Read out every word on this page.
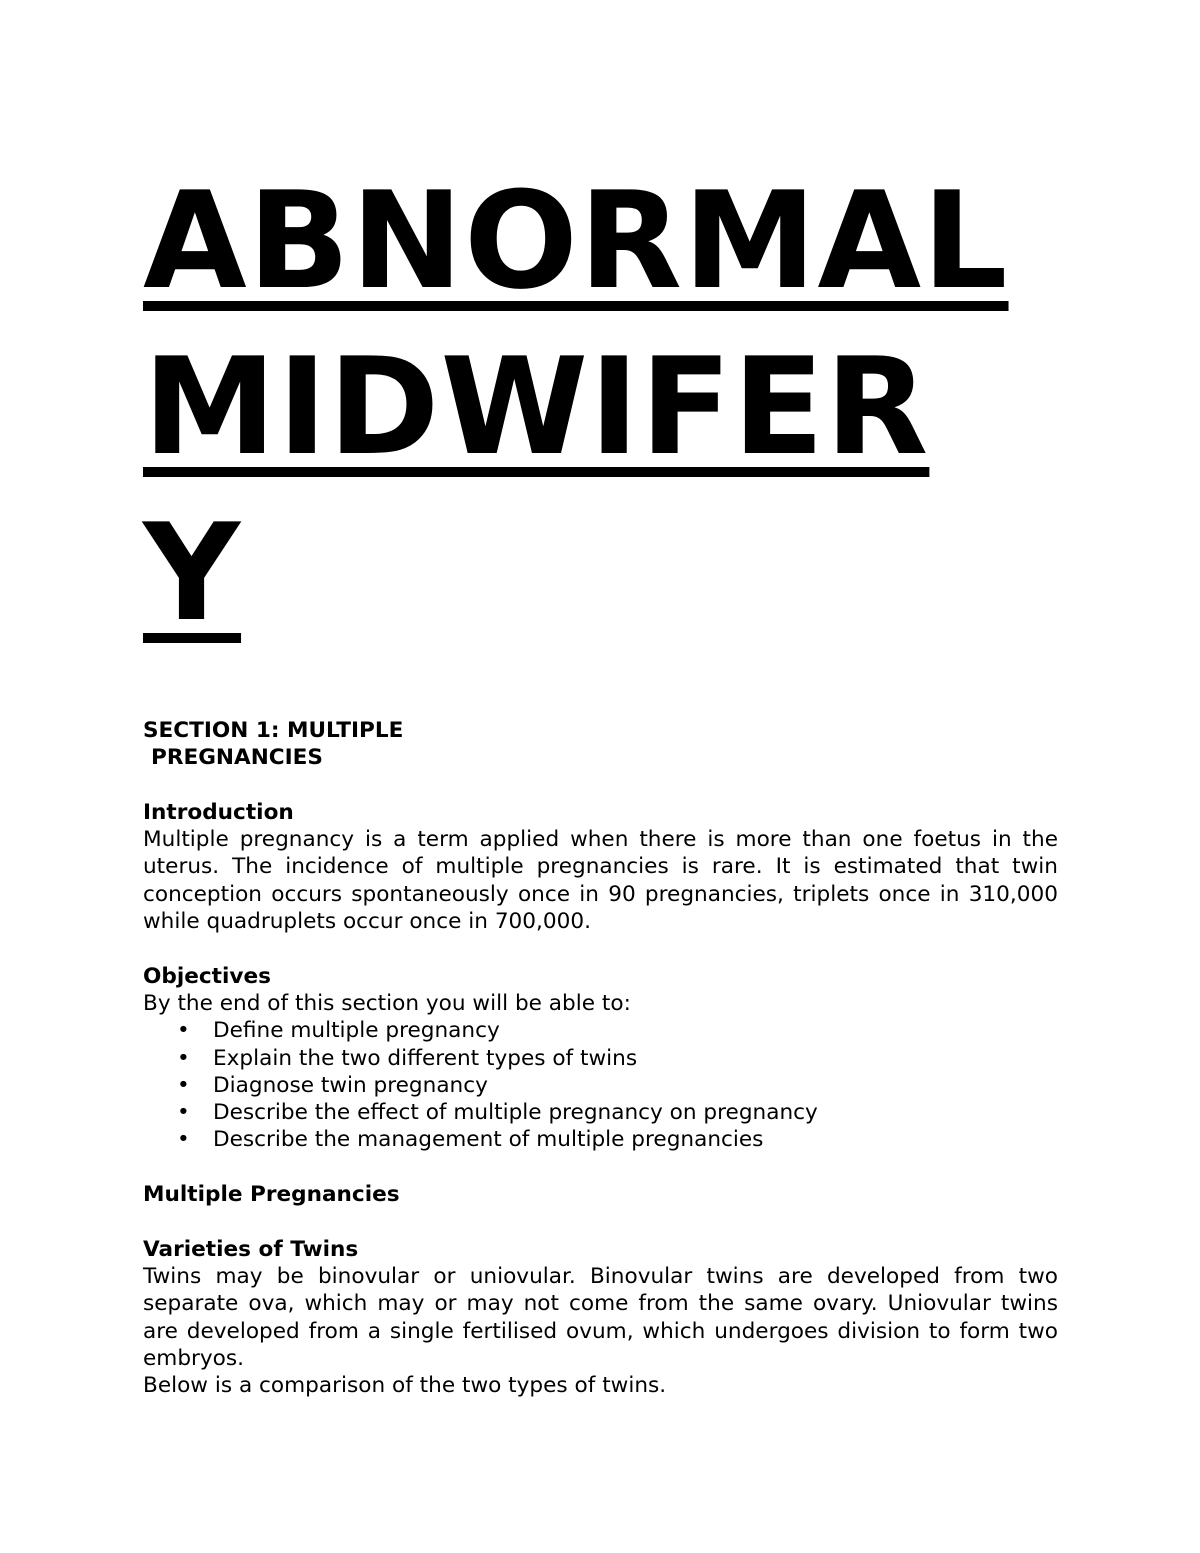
ABNORMAL
MIDWIFER
Y

SECTION 1: MULTIPLE

PREGNANCIES

Introduction

Multiple pregnancy is a term applied when there is more than one foetus in the uterus. The incidence of multiple pregnancies is rare. It is estimated that twin conception occurs spontaneously once in 90 pregnancies, triplets once in 310,000 while quadruplets occur once in 700,000.

Objectives

By the end of this section you will be able to:

• Define multiple pregnancy
• Explain the two different types of twins
• Diagnose twin pregnancy
• Describe the effect of multiple pregnancy on pregnancy
• Describe the management of multiple pregnancies

Multiple Pregnancies

Varieties of Twins

Twins may be binovular or uniovular. Binovular twins are developed from two separate ova, which may or may not come from the same ovary. Uniovular twins are developed from a single fertilised ovum, which undergoes division to form two embryos.

Below is a comparison of the two types of twins.
